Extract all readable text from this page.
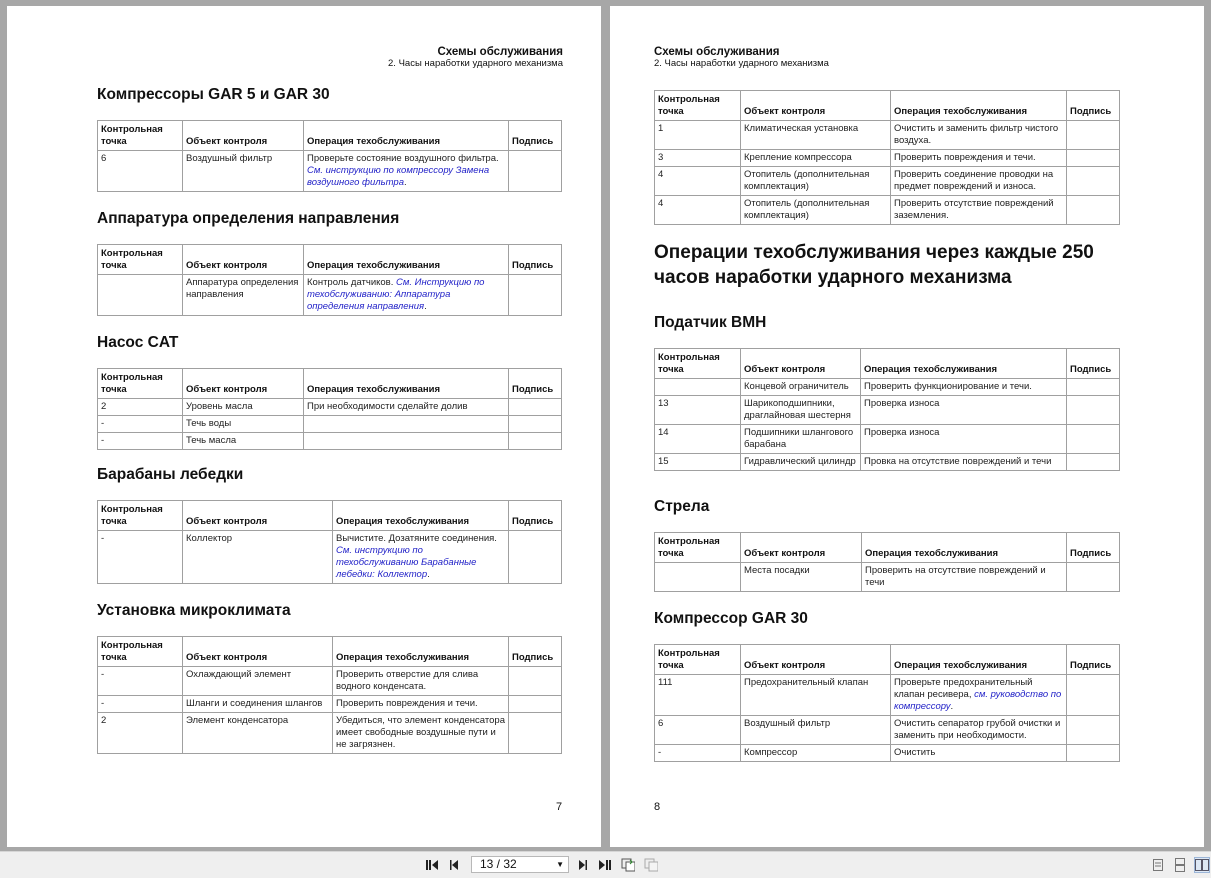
Схемы обслуживания
2. Часы наработки ударного механизма
Компрессоры GAR 5 и GAR 30
Контрольная точка	Объект контроля	Операция техобслуживания	Подпись
6	Воздушный фильтр	Проверьте состояние воздушного фильтра. См. инструкцию по компрессору Замена воздушного фильтра.	
Аппаратура определения направления
Контрольная точка	Объект контроля	Операция техобслуживания	Подпись
	Аппаратура определения направления	Контроль датчиков. См. Инструкцию по техобслуживанию: Аппаратура определения направления.	
Насос CAT
Контрольная точка	Объект контроля	Операция техобслуживания	Подпись
2	Уровень масла	При необходимости сделайте долив	
-	Течь воды		
-	Течь масла		
Барабаны лебедки
Контрольная точка	Объект контроля	Операция техобслуживания	Подпись
-	Коллектор	Вычистите. Дозатяните соединения. См. инструкцию по техобслуживанию Барабанные лебедки: Коллектор.	
Установка микроклимата
Контрольная точка	Объект контроля	Операция техобслуживания	Подпись
-	Охлаждающий элемент	Проверить отверстие для слива водного конденсата.	
-	Шланги и соединения шлангов	Проверить повреждения и течи.	
2	Элемент конденсатора	Убедиться, что элемент конденсатора имеет свободные воздушные пути и не загрязнен.	
7
Схемы обслуживания
2. Часы наработки ударного механизма
Контрольная точка	Объект контроля	Операция техобслуживания	Подпись
1	Климатическая установка	Очистить и заменить фильтр чистого воздуха.	
3	Крепление компрессора	Проверить повреждения и течи.	
4	Отопитель (дополнительная комплектация)	Проверить соединение проводки на предмет повреждений и износа.	
4	Отопитель (дополнительная комплектация)	Проверить отсутствие повреждений заземления.	
Податчик BMH
Контрольная точка	Объект контроля	Операция техобслуживания	Подпись
	Концевой ограничитель	Проверить функционирование и течи.	
13	Шарикоподшипники, драглайновая шестерня	Проверка износа	
14	Подшипники шлангового барабана	Проверка износа	
15	Гидравлический цилиндр	Провка на отсутствие повреждений и течи	
Стрела
Контрольная точка	Объект контроля	Операция техобслуживания	Подпись
	Места посадки	Проверить на отсутствие повреждений и течи	
Компрессор GAR 30
Контрольная точка	Объект контроля	Операция техобслуживания	Подпись
111	Предохранительный клапан	Проверьте предохранительный клапан ресивера, см. руководство по компрессору.	
6	Воздушный фильтр	Очистить сепаратор грубой очистки и заменить при необходимости.	
-	Компрессор	Очистить	
Операции техобслуживания через каждые 250 часов наработки ударного механизма
8
13 / 32	▼
